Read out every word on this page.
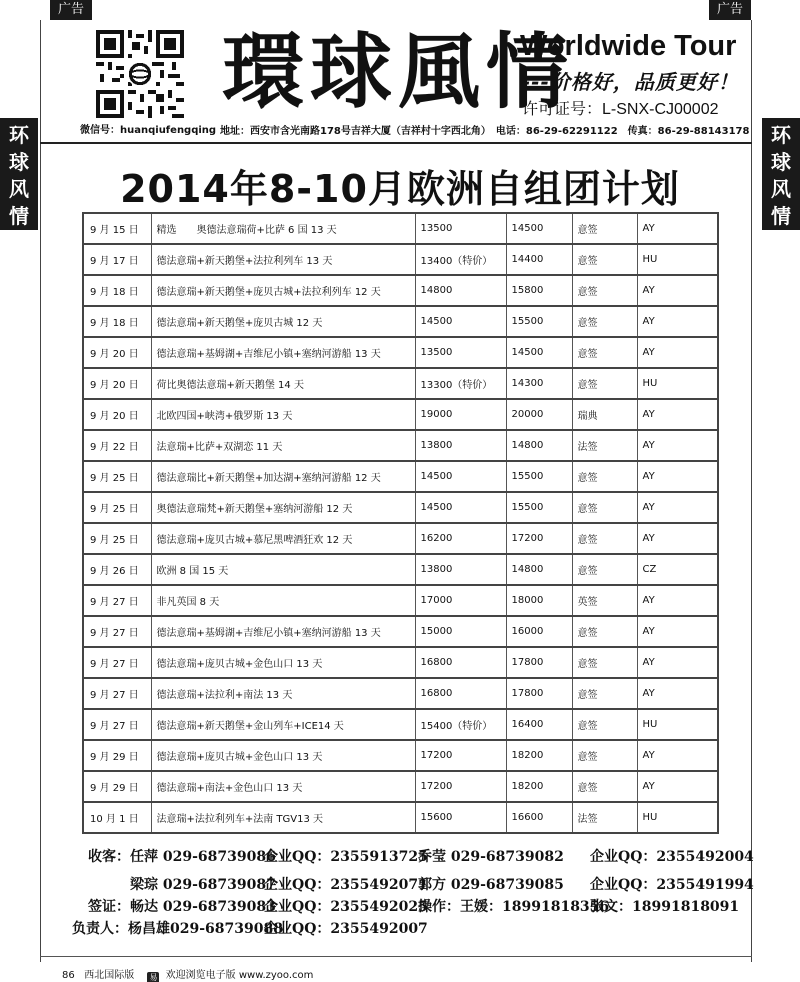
广告	广告
环
球
风
情
环
球
风
情
微信号：huanqiufengqing
環球風情
Worldwide Tour
---价格好，品质更好！
许可证号：L-SNX-CJ00002
地址：西安市含光南路178号吉祥大厦（吉祥村十字西北角）　电话：86-29-62291122　传真：86-29-88143178
2014年8-10月欧洲自组团计划
9 月 15 日	精选　　奥德法意瑞荷+比萨 6 国 13 天	13500	14500	意签	AY
9 月 17 日	德法意瑞+新天鹅堡+法拉利列车 13 天	13400（特价）	14400	意签	HU
9 月 18 日	德法意瑞+新天鹅堡+庞贝古城+法拉利列车 12 天	14800	15800	意签	AY
9 月 18 日	德法意瑞+新天鹅堡+庞贝古城 12 天	14500	15500	意签	AY
9 月 20 日	德法意瑞+基姆湖+吉维尼小镇+塞纳河游船 13 天	13500	14500	意签	AY
9 月 20 日	荷比奥德法意瑞+新天鹅堡 14 天	13300（特价）	14300	意签	HU
9 月 20 日	北欧四国+峡湾+俄罗斯 13 天	19000	20000	瑞典	AY
9 月 22 日	法意瑞+比萨+双湖恋 11 天	13800	14800	法签	AY
9 月 25 日	德法意瑞比+新天鹅堡+加达湖+塞纳河游船 12 天	14500	15500	意签	AY
9 月 25 日	奥德法意瑞梵+新天鹅堡+塞纳河游船 12 天	14500	15500	意签	AY
9 月 25 日	德法意瑞+庞贝古城+慕尼黑啤酒狂欢 12 天	16200	17200	意签	AY
9 月 26 日	欧洲 8 国 15 天	13800	14800	意签	CZ
9 月 27 日	非凡英国 8 天	17000	18000	英签	AY
9 月 27 日	德法意瑞+基姆湖+吉维尼小镇+塞纳河游船 13 天	15000	16000	意签	AY
9 月 27 日	德法意瑞+庞贝古城+金色山口 13 天	16800	17800	意签	AY
9 月 27 日	德法意瑞+法拉利+南法 13 天	16800	17800	意签	AY
9 月 27 日	德法意瑞+新天鹅堡+金山列车+ICE14 天	15400（特价）	16400	意签	HU
9 月 29 日	德法意瑞+庞贝古城+金色山口 13 天	17200	18200	意签	AY
9 月 29 日	德法意瑞+南法+金色山口 13 天	17200	18200	意签	AY
10 月 1 日	法意瑞+法拉利列车+法南 TGV13 天	15600	16600	法签	HU
收客：任萍 029-68739086
企业QQ：2355913725
乔莹 029-68739082 企业QQ：2355492004
梁琮 029-68739087
企业QQ：2355492071
郭方 029-68739085 企业QQ：2355491994
签证：畅达 029-68739083
企业QQ：2355492025
操作：王媛：18991818356
张文：18991818091
负责人：杨昌雄029-68739088
企业QQ：2355492007
86 西北国际版 易 欢迎浏览电子版 www.zyoo.com
